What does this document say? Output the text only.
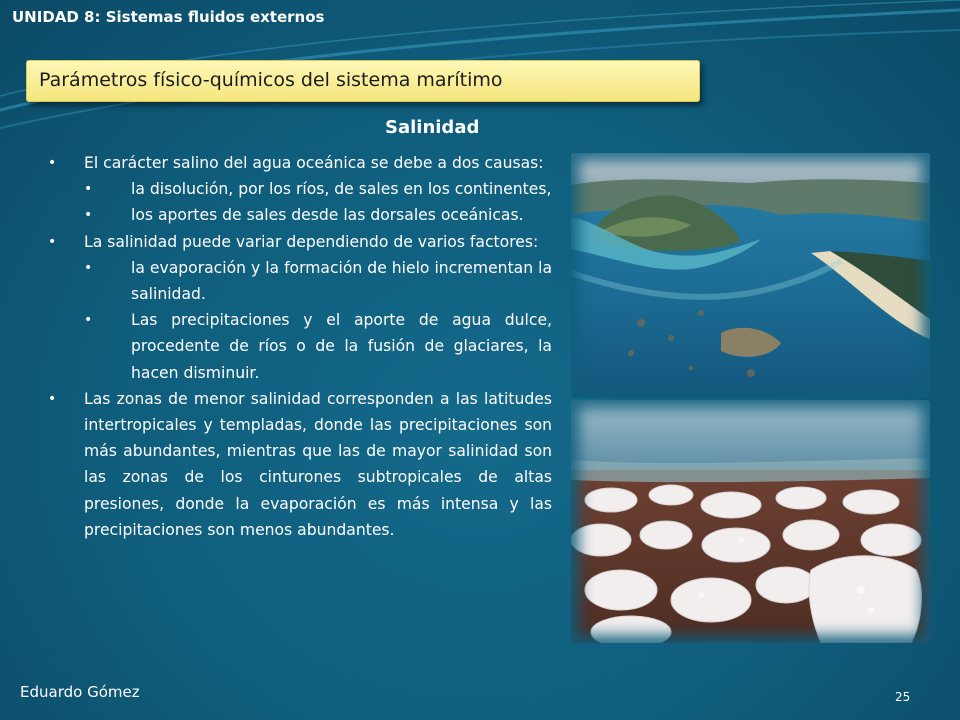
UNIDAD 8: Sistemas fluidos externos
Parámetros físico-químicos del sistema marítimo
Salinidad
• El carácter salino del agua oceánica se debe a dos causas:
• la disolución, por los ríos, de sales en los continentes,
• los aportes de sales desde las dorsales oceánicas.
• La salinidad puede variar dependiendo de varios factores:
• la evaporación y la formación de hielo incrementan la salinidad.
• Las precipitaciones y el aporte de agua dulce, procedente de ríos o de la fusión de glaciares, la hacen disminuir.
• Las zonas de menor salinidad corresponden a las latitudes intertropicales y templadas, donde las precipitaciones son más abundantes, mientras que las de mayor salinidad son las zonas de los cinturones subtropicales de altas presiones, donde la evaporación es más intensa y las precipitaciones son menos abundantes.
Eduardo Gómez	25
